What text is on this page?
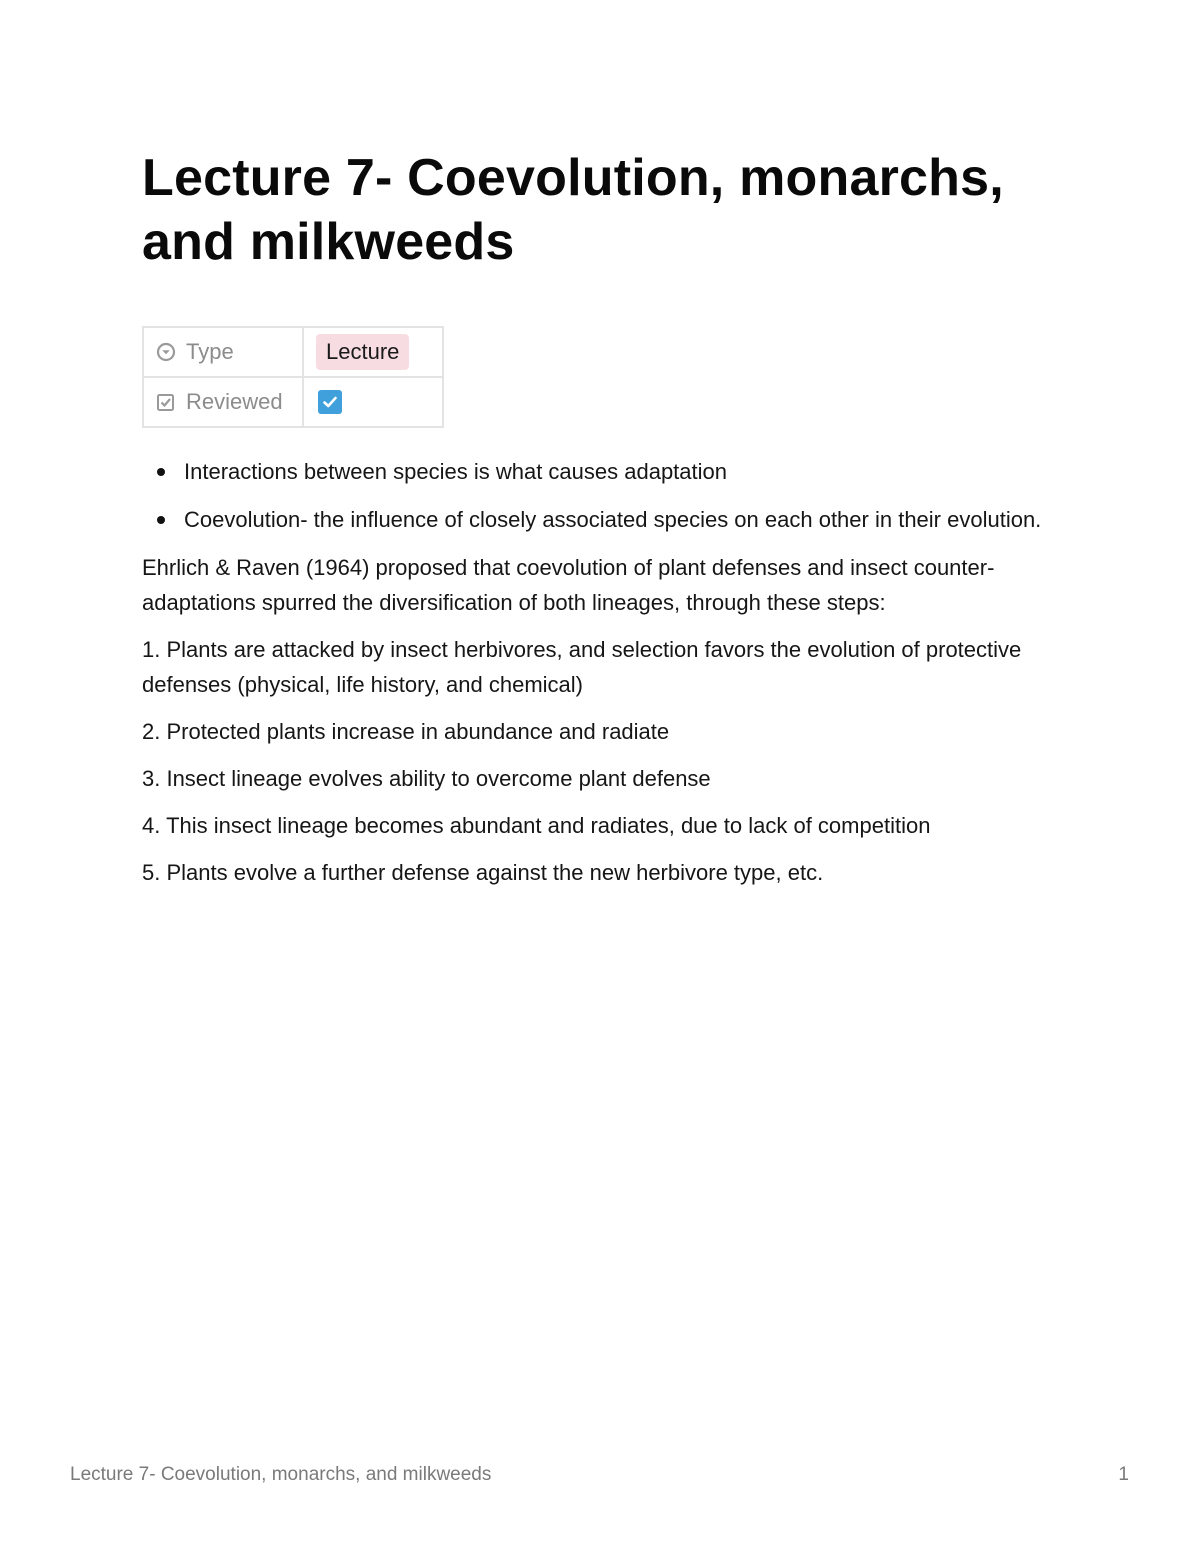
Lecture 7- Coevolution, monarchs, and milkweeds
Type	Lecture

Reviewed

Interactions between species is what causes adaptation
Coevolution- the influence of closely associated species on each other in their evolution.

Ehrlich & Raven (1964) proposed that coevolution of plant defenses and insect counter-adaptations spurred the diversification of both lineages, through these steps:

1. Plants are attacked by insect herbivores, and selection favors the evolution of protective defenses (physical, life history, and chemical)

2. Protected plants increase in abundance and radiate

3. Insect lineage evolves ability to overcome plant defense

4. This insect lineage becomes abundant and radiates, due to lack of competition

5. Plants evolve a further defense against the new herbivore type, etc.

Lecture 7- Coevolution, monarchs, and milkweeds	1
